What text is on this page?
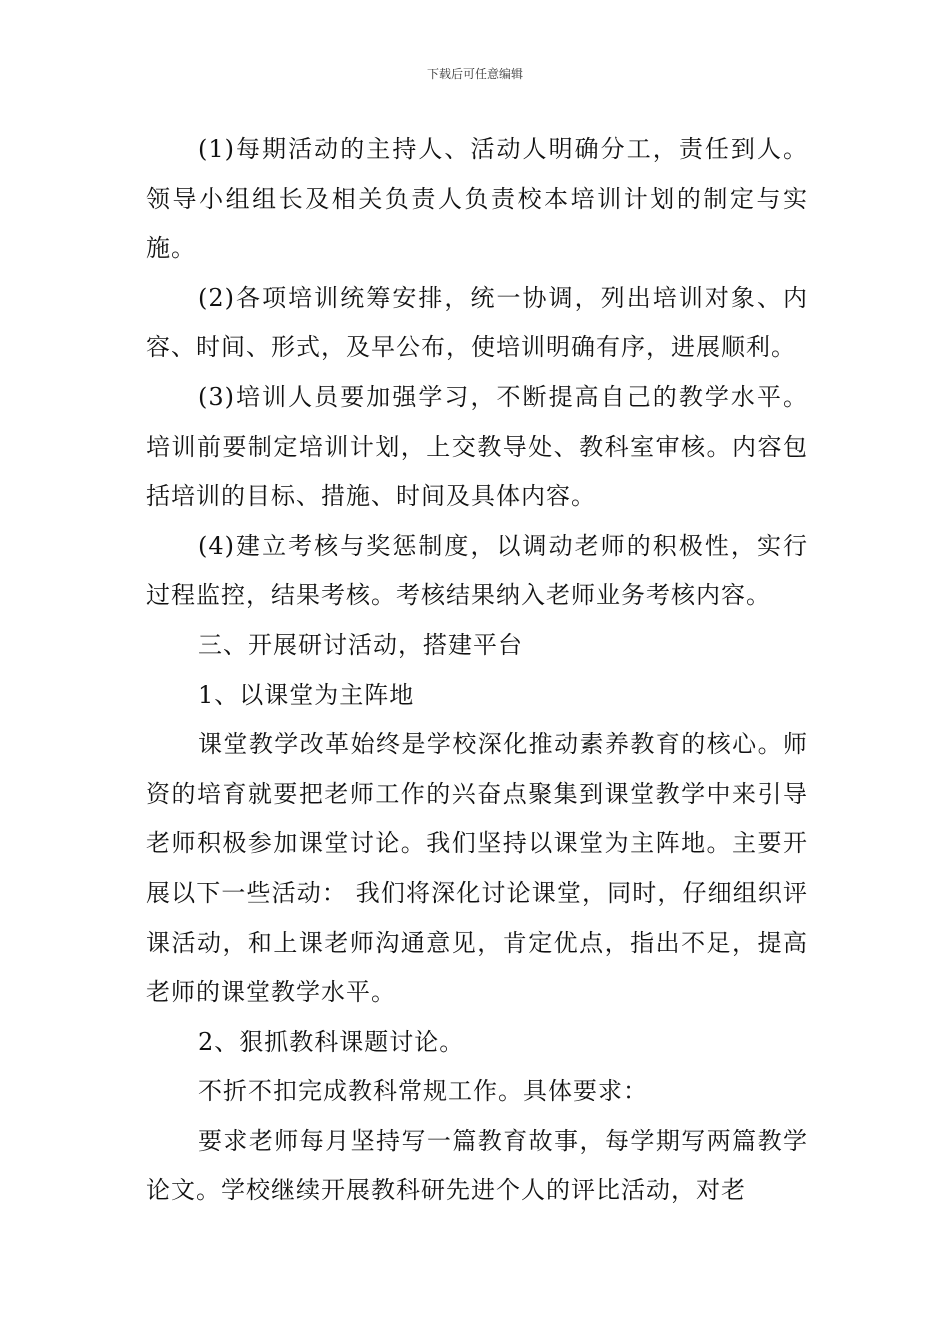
下载后可任意编辑

(1)每期活动的主持人、活动人明确分工，责任到人。领导小组组长及相关负责人负责校本培训计划的制定与实施。

(2)各项培训统筹安排，统一协调，列出培训对象、内容、时间、形式，及早公布，使培训明确有序，进展顺利。

(3)培训人员要加强学习，不断提高自己的教学水平。培训前要制定培训计划，上交教导处、教科室审核。内容包括培训的目标、措施、时间及具体内容。

(4)建立考核与奖惩制度，以调动老师的积极性，实行过程监控，结果考核。考核结果纳入老师业务考核内容。

三、开展研讨活动，搭建平台

1、以课堂为主阵地

课堂教学改革始终是学校深化推动素养教育的核心。师资的培育就要把老师工作的兴奋点聚集到课堂教学中来引导老师积极参加课堂讨论。我们坚持以课堂为主阵地。主要开展以下一些活动： 我们将深化讨论课堂，同时，仔细组织评课活动，和上课老师沟通意见，肯定优点，指出不足，提高老师的课堂教学水平。

2、狠抓教科课题讨论。

不折不扣完成教科常规工作。具体要求：

要求老师每月坚持写一篇教育故事，每学期写两篇教学论文。学校继续开展教科研先进个人的评比活动，对老
